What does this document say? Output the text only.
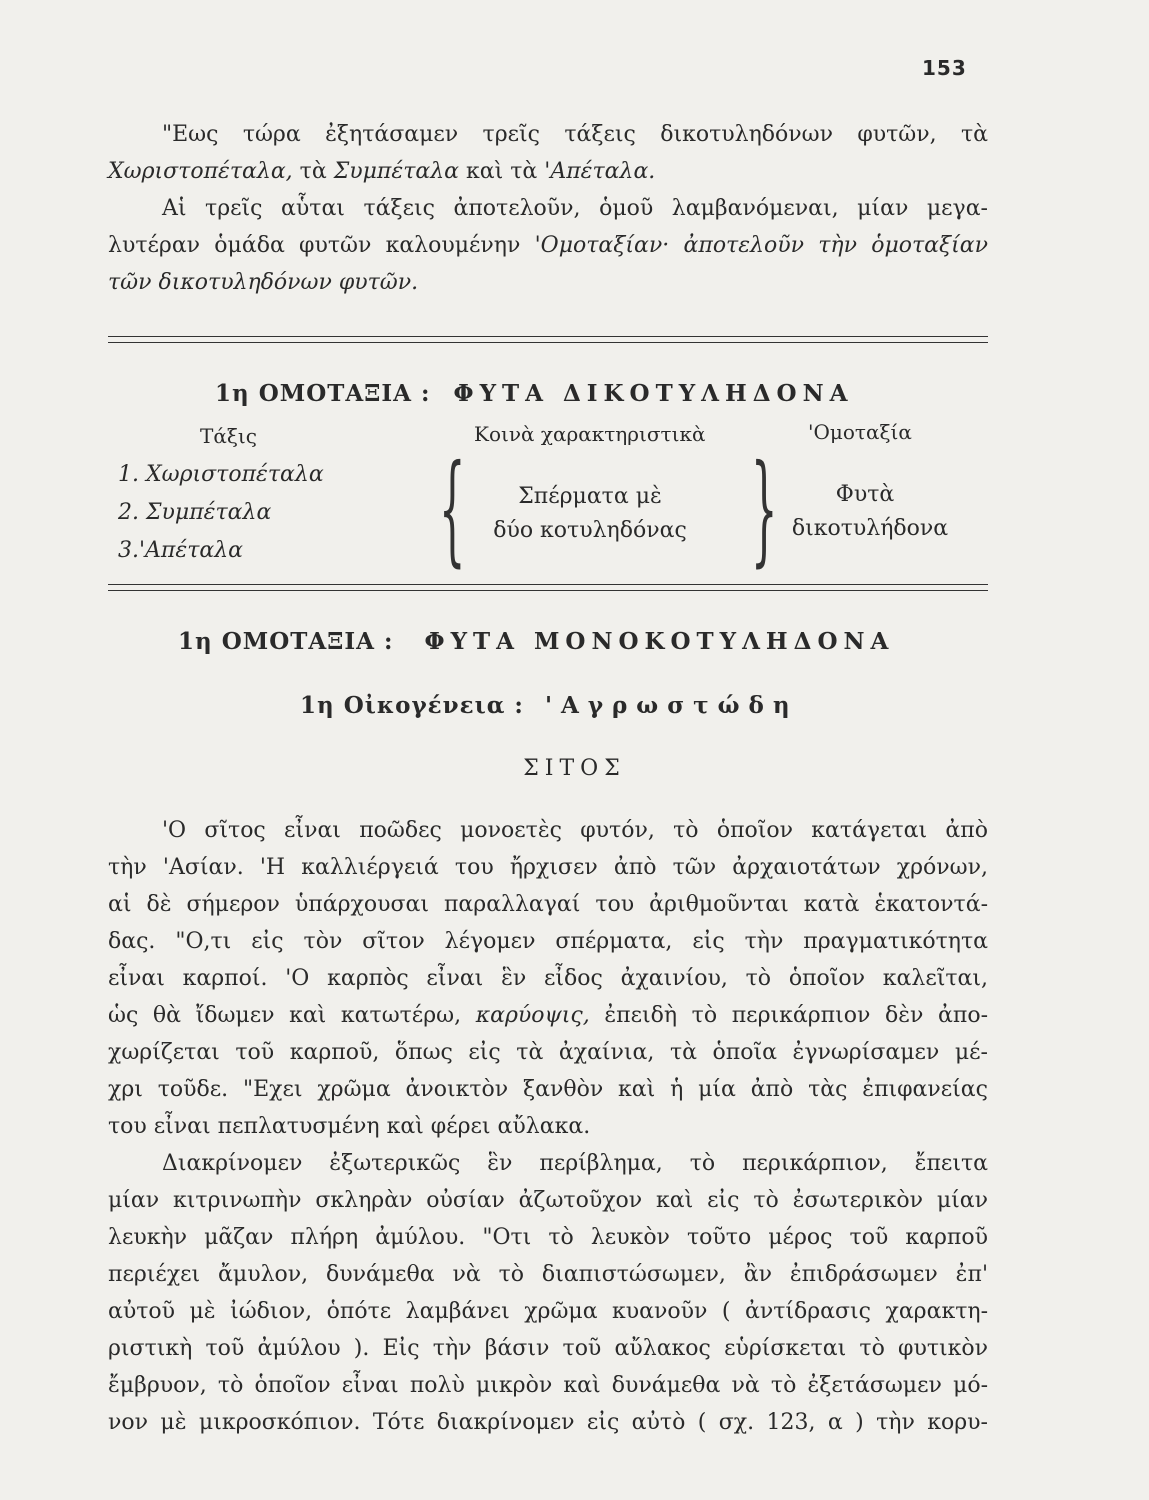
153
"Εως τώρα ἐξητάσαμεν τρεῖς τάξεις δικοτυληδόνων φυτῶν, τὰ
Χωριστοπέταλα, τὰ Συμπέταλα καὶ τὰ 'Απέταλα.
Αἱ τρεῖς αὗται τάξεις ἀποτελοῦν, ὁμοῦ λαμβανόμεναι, μίαν μεγα-
λυτέραν ὁμάδα φυτῶν καλουμένην 'Ομοταξίαν· ἀποτελοῦν τὴν ὁμοταξίαν
τῶν δικοτυληδόνων φυτῶν.
1η ΟΜΟΤΑΞΙΑ : ΦΥΤΑ ΔΙΚΟΤΥΛΗΔΟΝΑ
Τάξις	Κοινὰ χαρακτηριστικὰ	'Ομοταξία
1. Χωριστοπέταλα
2. Συμπέταλα
3.'Απέταλα { }
Σπέρματα μὲ
δύο κοτυληδόνας
Φυτὰ
δικοτυλήδονα
1η ΟΜΟΤΑΞΙΑ : ΦΥΤΑ ΜΟΝΟΚΟΤΥΛΗΔΟΝΑ
1η Οἰκογένεια : 'Αγρωστώδη
ΣΙΤΟΣ
'Ο σῖτος εἶναι ποῶδες μονοετὲς φυτόν, τὸ ὁποῖον κατάγεται ἀπὸ
τὴν 'Ασίαν. 'Η καλλιέργειά του ἤρχισεν ἀπὸ τῶν ἀρχαιοτάτων χρόνων,
αἱ δὲ σήμερον ὑπάρχουσαι παραλλαγαί του ἀριθμοῦνται κατὰ ἑκατοντά-
δας. "Ο,τι εἰς τὸν σῖτον λέγομεν σπέρματα, εἰς τὴν πραγματικότητα
εἶναι καρποί. 'Ο καρπὸς εἶναι ἓν εἶδος ἀχαινίου, τὸ ὁποῖον καλεῖται,
ὡς θὰ ἴδωμεν καὶ κατωτέρω, καρύοψις, ἐπειδὴ τὸ περικάρπιον δὲν ἀπο-
χωρίζεται τοῦ καρποῦ, ὅπως εἰς τὰ ἀχαίνια, τὰ ὁποῖα ἐγνωρίσαμεν μέ-
χρι τοῦδε. "Εχει χρῶμα ἀνοικτὸν ξανθὸν καὶ ἡ μία ἀπὸ τὰς ἐπιφανείας
του εἶναι πεπλατυσμένη καὶ φέρει αὔλακα.
Διακρίνομεν ἐξωτερικῶς ἓν περίβλημα, τὸ περικάρπιον, ἔπειτα
μίαν κιτρινωπὴν σκληρὰν οὐσίαν ἀζωτοῦχον καὶ εἰς τὸ ἐσωτερικὸν μίαν
λευκὴν μᾶζαν πλήρη ἀμύλου. "Οτι τὸ λευκὸν τοῦτο μέρος τοῦ καρποῦ
περιέχει ἄμυλον, δυνάμεθα νὰ τὸ διαπιστώσωμεν, ἂν ἐπιδράσωμεν ἐπ'
αὐτοῦ μὲ ἰώδιον, ὁπότε λαμβάνει χρῶμα κυανοῦν ( ἀντίδρασις χαρακτη-
ριστικὴ τοῦ ἀμύλου ). Εἰς τὴν βάσιν τοῦ αὔλακος εὑρίσκεται τὸ φυτικὸν
ἔμβρυον, τὸ ὁποῖον εἶναι πολὺ μικρὸν καὶ δυνάμεθα νὰ τὸ ἐξετάσωμεν μό-
νον μὲ μικροσκόπιον. Τότε διακρίνομεν εἰς αὐτὸ ( σχ. 123, α ) τὴν κορυ-
